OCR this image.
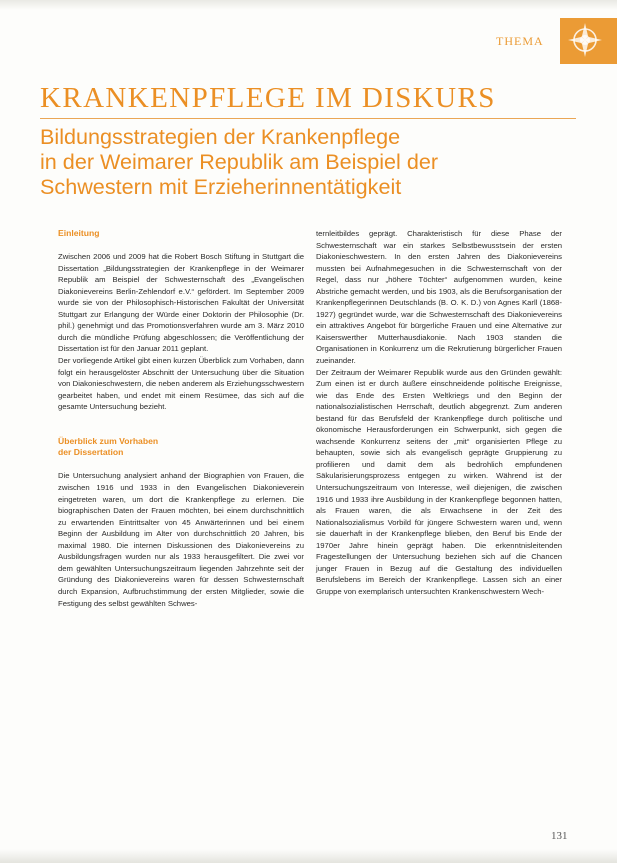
THEMA
KRANKENPFLEGE IM DISKURS
Bildungsstrategien der Krankenpflege
in der Weimarer Republik am Beispiel der
Schwestern mit Erzieherinnentätigkeit
Einleitung

Zwischen 2006 und 2009 hat die Robert Bosch Stiftung in Stuttgart die Dissertation „Bildungsstrategien der Krankenpflege in der Weimarer Republik am Beispiel der Schwesternschaft des „Evangelischen Diakonievereins Berlin-Zehlendorf e.V.“ gefördert. Im September 2009 wurde sie von der Philosophisch-Historischen Fakultät der Universität Stuttgart zur Erlangung der Würde einer Doktorin der Philosophie (Dr. phil.) genehmigt und das Promotionsverfahren wurde am 3. März 2010 durch die mündliche Prüfung abgeschlossen; die Veröffentlichung der Dissertation ist für den Januar 2011 geplant.

Der vorliegende Artikel gibt einen kurzen Überblick zum Vorhaben, dann folgt ein herausgelöster Abschnitt der Untersuchung über die Situation von Diakonieschwestern, die neben anderem als Erziehungsschwestern gearbeitet haben, und endet mit einem Resümee, das sich auf die gesamte Untersuchung bezieht.

Überblick zum Vorhaben
der Dissertation

Die Untersuchung analysiert anhand der Biographien von Frauen, die zwischen 1916 und 1933 in den Evangelischen Diakonieverein eingetreten waren, um dort die Krankenpflege zu erlernen. Die biographischen Daten der Frauen möchten, bei einem durchschnittlich zu erwartenden Eintrittsalter von 45 Anwärterinnen und bei einem Beginn der Ausbildung im Alter von durchschnittlich 20 Jahren, bis maximal 1980. Die internen Diskussionen des Diakonievereins zu Ausbildungsfragen wurden nur als 1933 herausgefiltert. Die zwei vor dem gewählten Untersuchungszeitraum liegenden Jahrzehnte seit der Gründung des Diakonievereins waren für dessen Schwesternschaft durch Expansion, Aufbruchstimmung der ersten Mitglieder, sowie die Festigung des selbst gewählten Schwes-

ternleitbildes geprägt. Charakteristisch für diese Phase der Schwesternschaft war ein starkes Selbstbewusstsein der ersten Diakonieschwestern. In den ersten Jahren des Diakonievereins mussten bei Aufnahmegesuchen in die Schwesternschaft von der Regel, dass nur „höhere Töchter“ aufgenommen wurden, keine Abstriche gemacht werden, und bis 1903, als die Berufsorganisation der Krankenpflegerinnen Deutschlands (B. O. K. D.) von Agnes Karll (1868-1927) gegründet wurde, war die Schwesternschaft des Diakonievereins ein attraktives Angebot für bürgerliche Frauen und eine Alternative zur Kaiserswerther Mutterhausdiakonie. Nach 1903 standen die Organisationen in Konkurrenz um die Rekrutierung bürgerlicher Frauen zueinander.

Der Zeitraum der Weimarer Republik wurde aus den Gründen gewählt: Zum einen ist er durch äußere einschneidende politische Ereignisse, wie das Ende des Ersten Weltkriegs und den Beginn der nationalsozialistischen Herrschaft, deutlich abgegrenzt. Zum anderen bestand für das Berufsfeld der Krankenpflege durch politische und ökonomische Herausforderungen ein Schwerpunkt, sich gegen die wachsende Konkurrenz seitens der „mit“ organisierten Pflege zu behaupten, sowie sich als evangelisch geprägte Gruppierung zu profilieren und damit dem als bedrohlich empfundenen Säkularisierungsprozess entgegen zu wirken. Während ist der Untersuchungszeitraum von Interesse, weil diejenigen, die zwischen 1916 und 1933 ihre Ausbildung in der Krankenpflege begonnen hatten, als Frauen waren, die als Erwachsene in der Zeit des Nationalsozialismus Vorbild für jüngere Schwestern waren und, wenn sie dauerhaft in der Krankenpflege blieben, den Beruf bis Ende der 1970er Jahre hinein geprägt haben. Die erkenntnisleitenden Fragestellungen der Untersuchung beziehen sich auf die Chancen junger Frauen in Bezug auf die Gestaltung des individuellen Berufslebens im Bereich der Krankenpflege. Lassen sich an einer Gruppe von exemplarisch untersuchten Krankenschwestern Wech-

131
